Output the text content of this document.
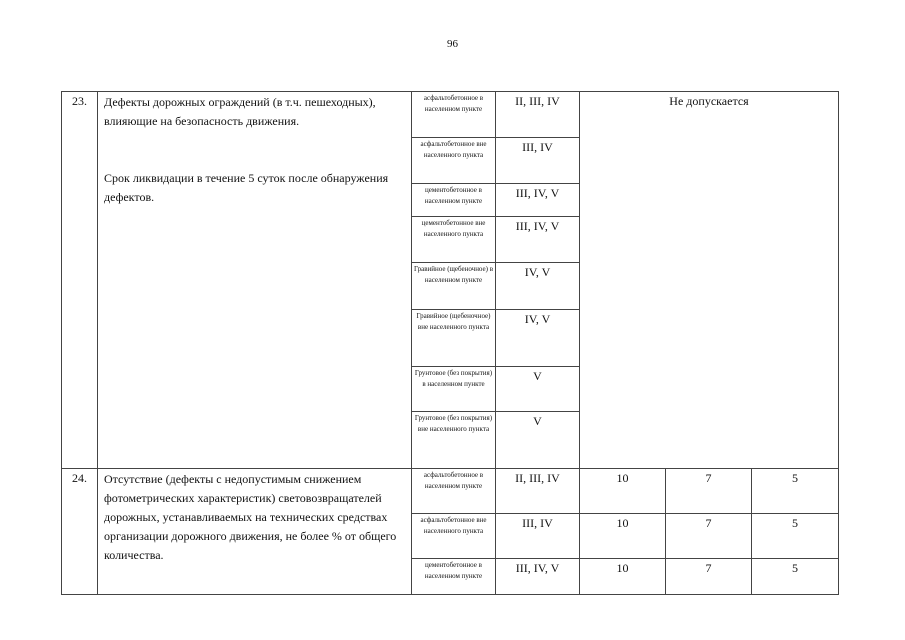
96
23.	Дефекты дорожных ограждений (в т.ч. пешеходных), влияющие на безопасность движения.
Срок ликвидации в течение 5 суток после обнаружения дефектов.	асфальтобетонное в населенном пункте	II, III, IV	Не допускается		
		асфальтобетонное вне населенного пункта	III, IV			
		цементобетонное в населенном пункте	III, IV, V			
		цементобетонное вне населенного пункта	III, IV, V			
		Гравийное (щебеночное) в населенном пункте	IV, V			
		Гравийное (щебеночное) вне населенного пункта	IV, V			
		Грунтовое (без покрытия) в населенном пункте	V			
		Грунтовое (без покрытия) вне населенного пункта	V			
24.	Отсутствие (дефекты с недопустимым снижением фотометрических характеристик) световозвращателей дорожных, устанавливаемых на технических средствах организации дорожного движения, не более % от общего количества.	асфальтобетонное в населенном пункте	II, III, IV	10	7	5
		асфальтобетонное вне населенного пункта	III, IV	10	7	5
		цементобетонное в населенном пункте	III, IV, V	10	7	5
